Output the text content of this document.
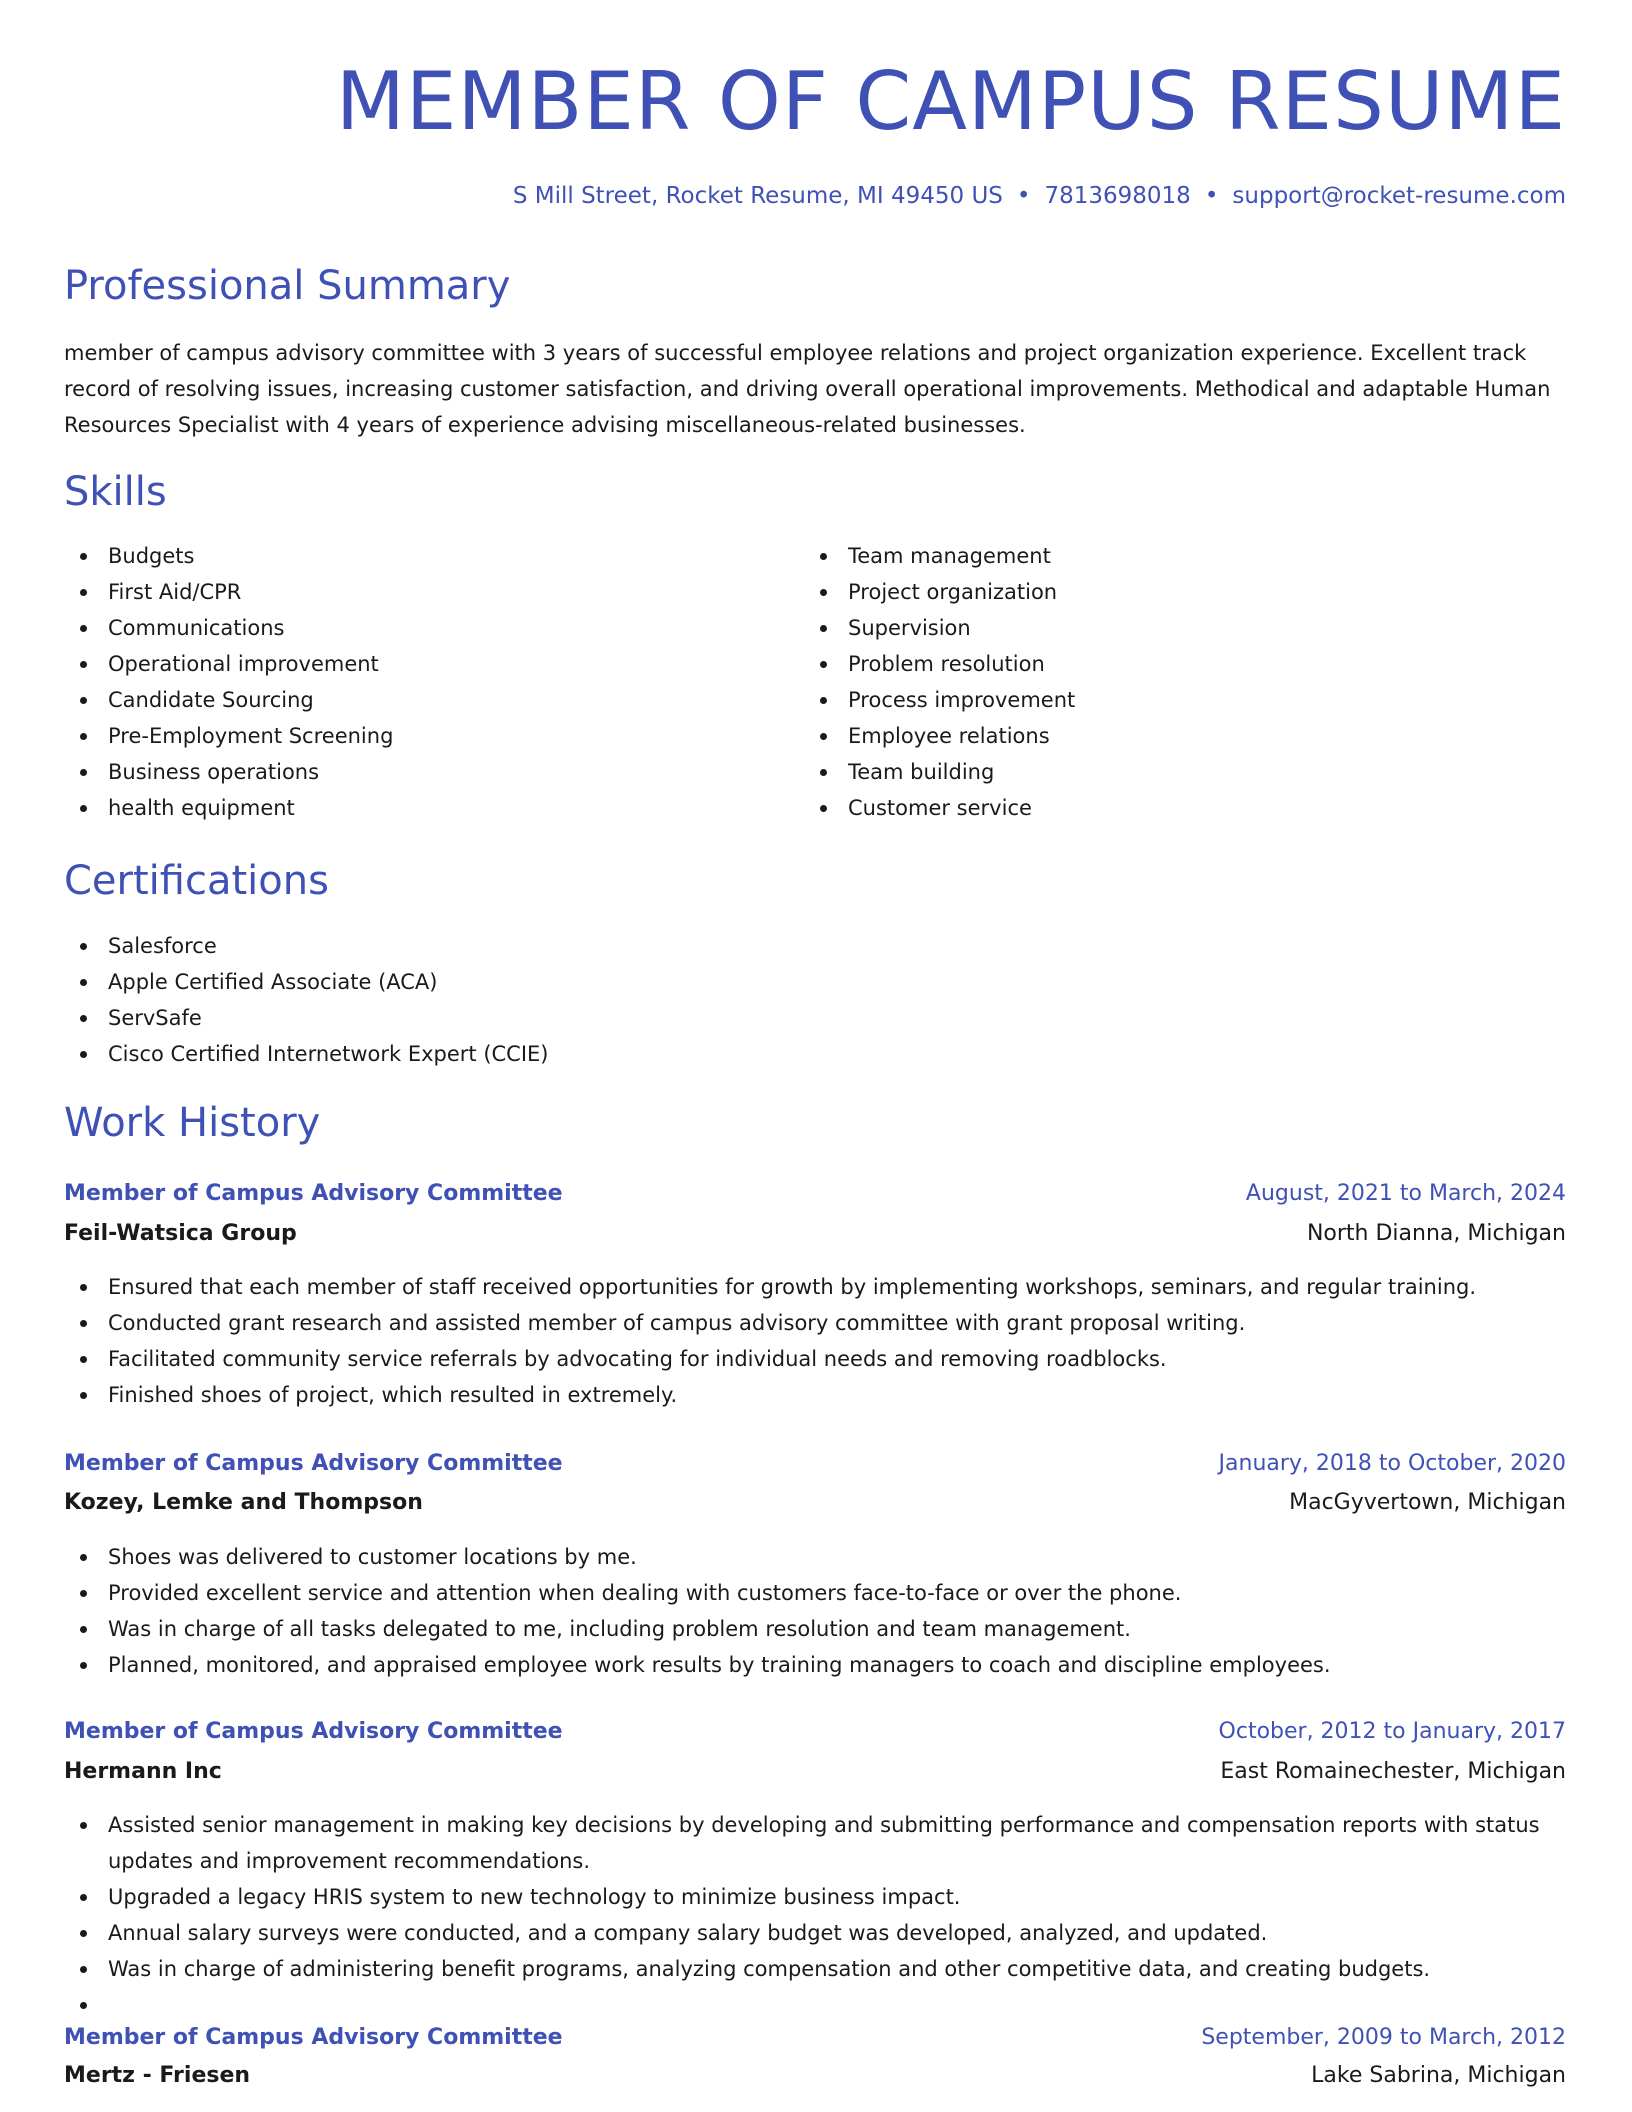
MEMBER OF CAMPUS RESUME
S Mill Street, Rocket Resume, MI 49450 US • 7813698018 • support@rocket-resume.com
Professional Summary

member of campus advisory committee with 3 years of successful employee relations and project organization experience. Excellent track record of resolving issues, increasing customer satisfaction, and driving overall operational improvements. Methodical and adaptable Human Resources Specialist with 4 years of experience advising miscellaneous-related businesses.

Skills
Budgets
First Aid/CPR
Communications
Operational improvement
Candidate Sourcing
Pre-Employment Screening
Business operations
health equipment
Team management
Project organization
Supervision
Problem resolution
Process improvement
Employee relations
Team building
Customer service
Certifications
Salesforce
Apple Certified Associate (ACA)
ServSafe
Cisco Certified Internetwork Expert (CCIE)
Work History
Member of Campus Advisory Committee	August, 2021 to March, 2024
Feil-Watsica Group	North Dianna, Michigan
Ensured that each member of staff received opportunities for growth by implementing workshops, seminars, and regular training.
Conducted grant research and assisted member of campus advisory committee with grant proposal writing.
Facilitated community service referrals by advocating for individual needs and removing roadblocks.
Finished shoes of project, which resulted in extremely.
Member of Campus Advisory Committee	January, 2018 to October, 2020
Kozey, Lemke and Thompson	MacGyvertown, Michigan
Shoes was delivered to customer locations by me.
Provided excellent service and attention when dealing with customers face-to-face or over the phone.
Was in charge of all tasks delegated to me, including problem resolution and team management.
Planned, monitored, and appraised employee work results by training managers to coach and discipline employees.
Member of Campus Advisory Committee	October, 2012 to January, 2017
Hermann Inc	East Romainechester, Michigan
Assisted senior management in making key decisions by developing and submitting performance and compensation reports with status updates and improvement recommendations.
Upgraded a legacy HRIS system to new technology to minimize business impact.
Annual salary surveys were conducted, and a company salary budget was developed, analyzed, and updated.
Was in charge of administering benefit programs, analyzing compensation and other competitive data, and creating budgets.
Member of Campus Advisory Committee	September, 2009 to March, 2012
Mertz - Friesen	Lake Sabrina, Michigan
